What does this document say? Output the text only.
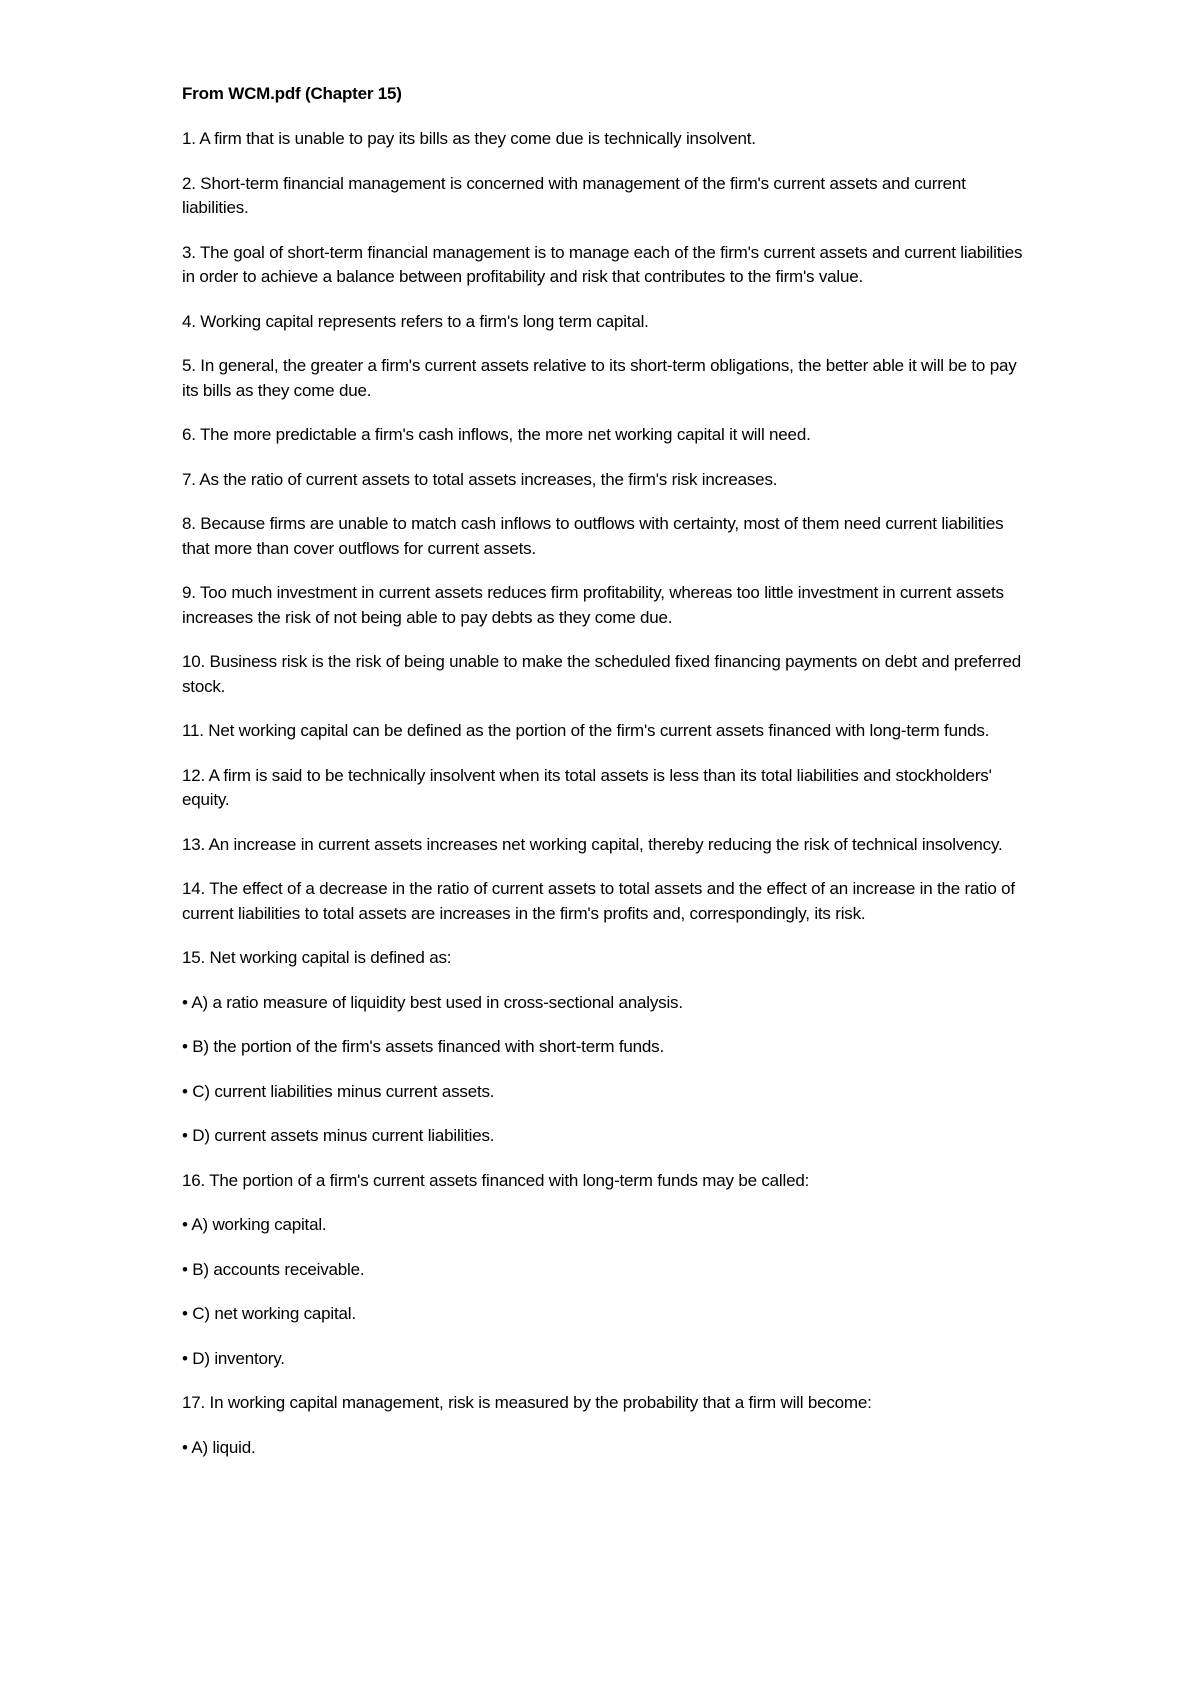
From WCM.pdf (Chapter 15)
1. A firm that is unable to pay its bills as they come due is technically insolvent.
2. Short-term financial management is concerned with management of the firm's current assets and current liabilities.
3. The goal of short-term financial management is to manage each of the firm's current assets and current liabilities in order to achieve a balance between profitability and risk that contributes to the firm's value.
4. Working capital represents refers to a firm's long term capital.
5. In general, the greater a firm's current assets relative to its short-term obligations, the better able it will be to pay its bills as they come due.
6. The more predictable a firm's cash inflows, the more net working capital it will need.
7. As the ratio of current assets to total assets increases, the firm's risk increases.
8. Because firms are unable to match cash inflows to outflows with certainty, most of them need current liabilities that more than cover outflows for current assets.
9. Too much investment in current assets reduces firm profitability, whereas too little investment in current assets increases the risk of not being able to pay debts as they come due.
10. Business risk is the risk of being unable to make the scheduled fixed financing payments on debt and preferred stock.
11. Net working capital can be defined as the portion of the firm's current assets financed with long-term funds.
12. A firm is said to be technically insolvent when its total assets is less than its total liabilities and stockholders' equity.
13. An increase in current assets increases net working capital, thereby reducing the risk of technical insolvency.
14. The effect of a decrease in the ratio of current assets to total assets and the effect of an increase in the ratio of current liabilities to total assets are increases in the firm's profits and, correspondingly, its risk.
15. Net working capital is defined as:
• A) a ratio measure of liquidity best used in cross-sectional analysis.
• B) the portion of the firm's assets financed with short-term funds.
• C) current liabilities minus current assets.
• D) current assets minus current liabilities.
16. The portion of a firm's current assets financed with long-term funds may be called:
• A) working capital.
• B) accounts receivable.
• C) net working capital.
• D) inventory.
17. In working capital management, risk is measured by the probability that a firm will become:
• A) liquid.
